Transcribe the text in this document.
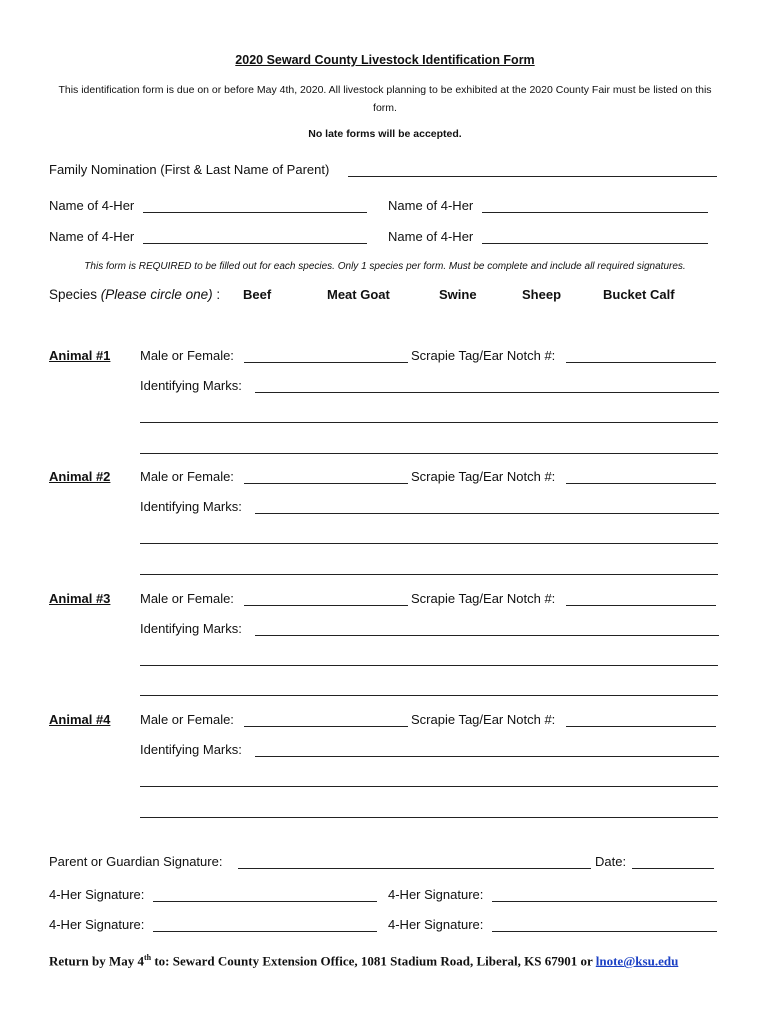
2020 Seward County Livestock Identification Form
This identification form is due on or before May 4th, 2020. All livestock planning to be exhibited at the 2020 County Fair must be listed on this form.
No late forms will be accepted.
Family Nomination (First & Last Name of Parent)
Name of 4-Her	Name of 4-Her
Name of 4-Her	Name of 4-Her
This form is REQUIRED to be filled out for each species. Only 1 species per form. Must be complete and include all required signatures.
Species (Please circle one) : Beef	Meat Goat	Swine	Sheep	Bucket Calf
Animal #1 Male or Female:	Scrapie Tag/Ear Notch #:
Identifying Marks:
Animal #2 Male or Female:	Scrapie Tag/Ear Notch #:
Identifying Marks:
Animal #3 Male or Female:	Scrapie Tag/Ear Notch #:
Identifying Marks:
Animal #4 Male or Female:	Scrapie Tag/Ear Notch #:
Identifying Marks:
Parent or Guardian Signature:	Date:
4-Her Signature:	4-Her Signature:
4-Her Signature:	4-Her Signature:
Return by May 4th to: Seward County Extension Office, 1081 Stadium Road, Liberal, KS 67901 or lnote@ksu.edu
